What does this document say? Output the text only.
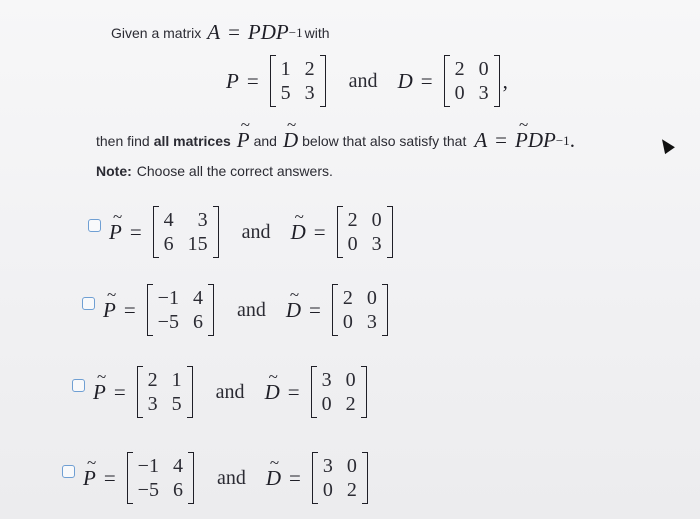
Given a matrix A = PDP −1 with
P = 1 2
5 3
and D = 2 0
0 3
,
then find all matrices ~ P and ~ D below that also satisfy that A = ~ PDP −1 .
Note: Choose all the correct answers.
~ P = 4	3
6 15
and ~ D = 2 0
0 3
~ P = −1 4
−5 6
and ~ D = 2 0
0 3
~ P = 2 1
3 5
and ~ D = 3 0
0 2
~ P = −1 4
−5 6
and ~ D = 3 0
0 2
